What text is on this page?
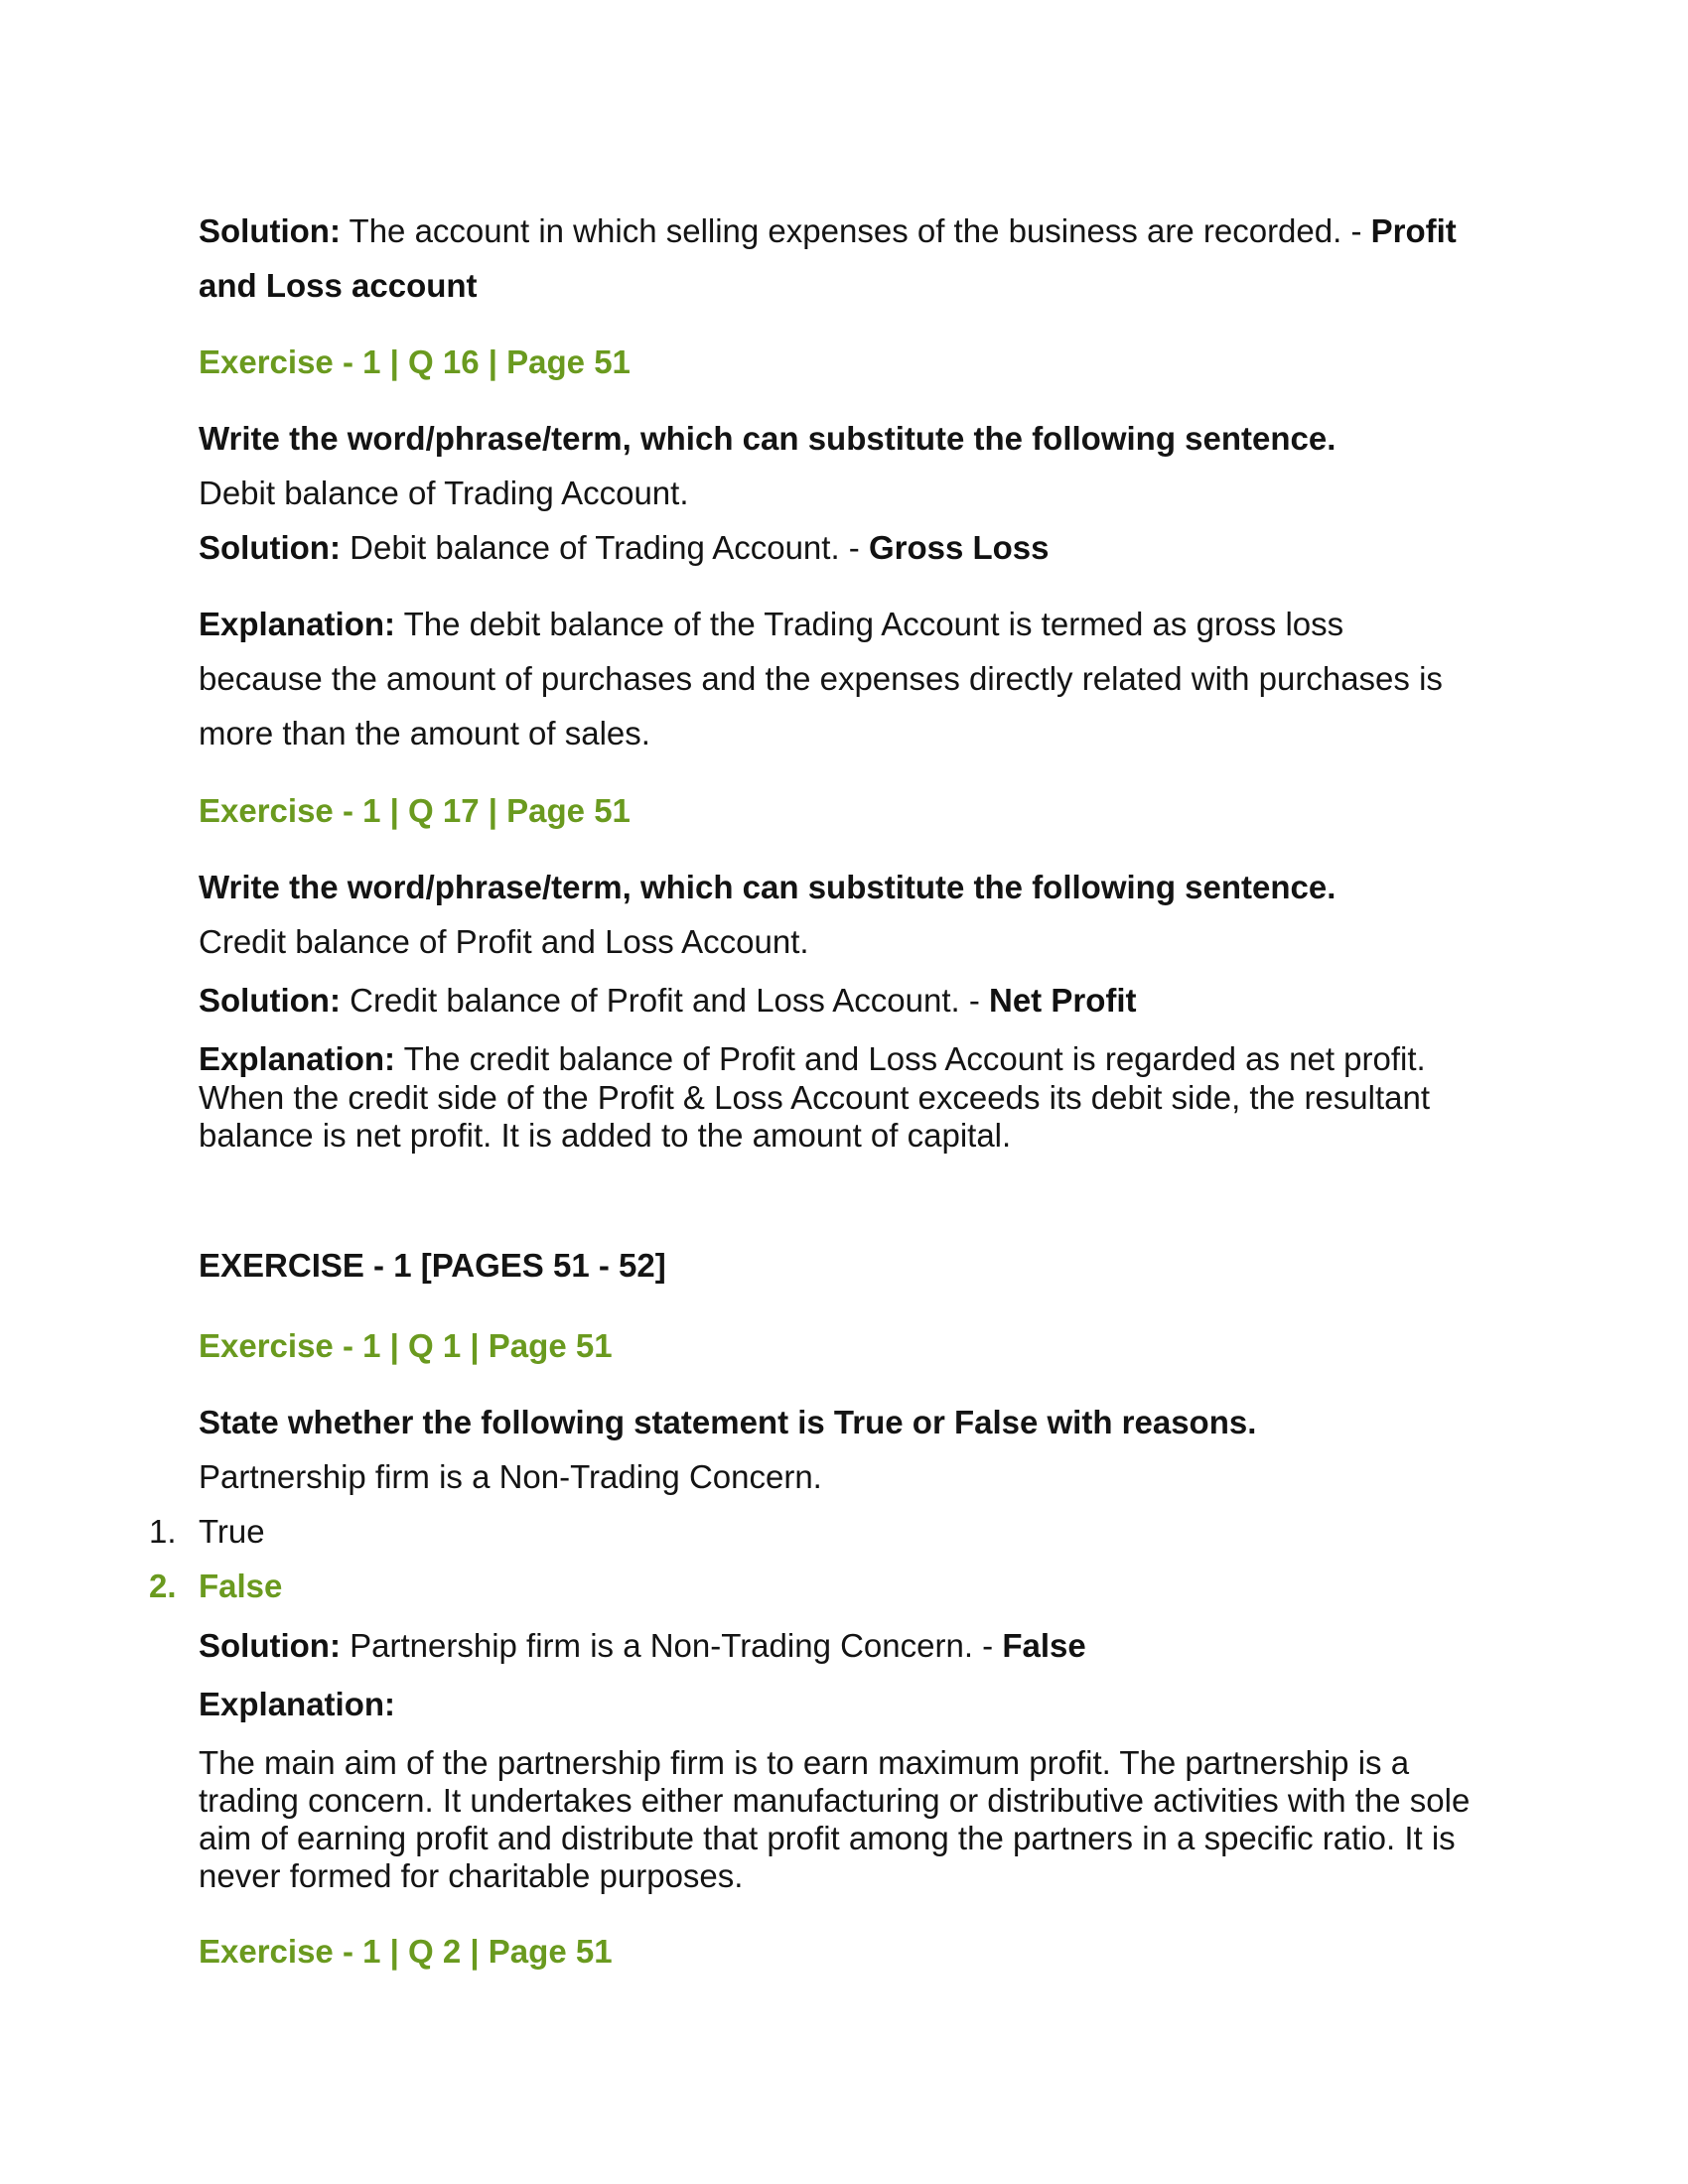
Solution: The account in which selling expenses of the business are recorded. - Profit

and Loss account

Exercise - 1 | Q 16 | Page 51

Write the word/phrase/term, which can substitute the following sentence.

Debit balance of Trading Account.

Solution: Debit balance of Trading Account. - Gross Loss

Explanation: The debit balance of the Trading Account is termed as gross loss

because the amount of purchases and the expenses directly related with purchases is

more than the amount of sales.

Exercise - 1 | Q 17 | Page 51

Write the word/phrase/term, which can substitute the following sentence.

Credit balance of Profit and Loss Account.

Solution: Credit balance of Profit and Loss Account. - Net Profit

Explanation: The credit balance of Profit and Loss Account is regarded as net profit.

When the credit side of the Profit & Loss Account exceeds its debit side, the resultant

balance is net profit. It is added to the amount of capital.

EXERCISE - 1 [PAGES 51 - 52]

Exercise - 1 | Q 1 | Page 51

State whether the following statement is True or False with reasons.

Partnership firm is a Non-Trading Concern.

1. True

2. False

Solution: Partnership firm is a Non-Trading Concern. - False

Explanation:

The main aim of the partnership firm is to earn maximum profit. The partnership is a

trading concern. It undertakes either manufacturing or distributive activities with the sole

aim of earning profit and distribute that profit among the partners in a specific ratio. It is

never formed for charitable purposes.

Exercise - 1 | Q 2 | Page 51
